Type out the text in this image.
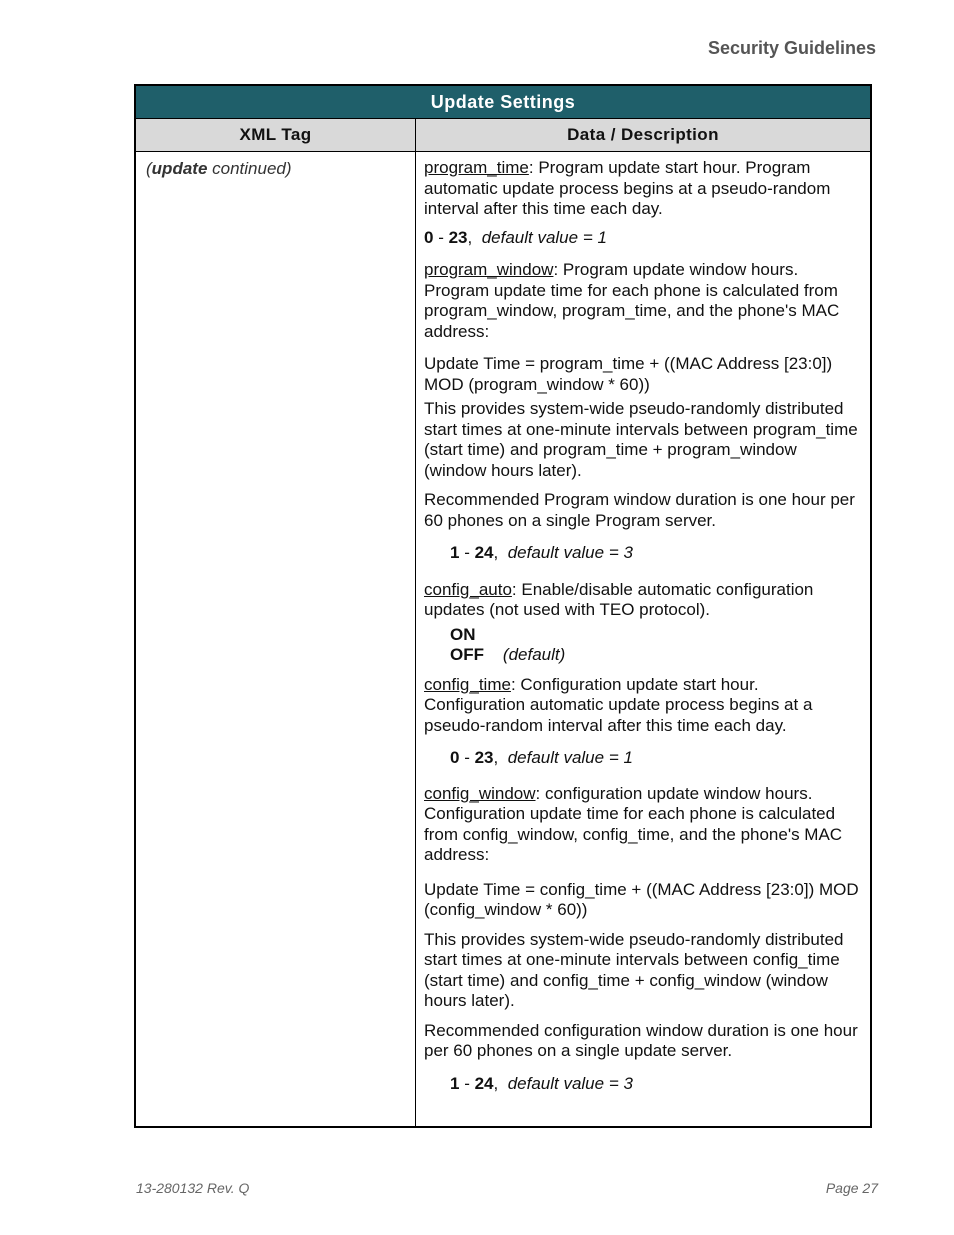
Security Guidelines
Update Settings
XML Tag	Data / Description
(update continued)	program_time: Program update start hour. Program automatic update process begins at a pseudo-random interval after this time each day.

0 - 23, default value = 1

program_window: Program update window hours. Program update time for each phone is calculated from program_window, program_time, and the phone's MAC address:

Update Time = program_time + ((MAC Address [23:0]) MOD (program_window * 60))

This provides system-wide pseudo-randomly distributed start times at one-minute intervals between program_time (start time) and program_time + program_window (window hours later).

Recommended Program window duration is one hour per 60 phones on a single Program server.

1 - 24, default value = 3

config_auto: Enable/disable automatic configuration updates (not used with TEO protocol).

ON

OFF (default)

config_time: Configuration update start hour. Configuration automatic update process begins at a pseudo-random interval after this time each day.

0 - 23, default value = 1

config_window: configuration update window hours. Configuration update time for each phone is calculated from config_window, config_time, and the phone's MAC address:

Update Time = config_time + ((MAC Address [23:0]) MOD (config_window * 60))

This provides system-wide pseudo-randomly distributed start times at one-minute intervals between config_time (start time) and config_time + config_window (window hours later).

Recommended configuration window duration is one hour per 60 phones on a single update server.

1 - 24, default value = 3

13-280132 Rev. Q	Page 27
